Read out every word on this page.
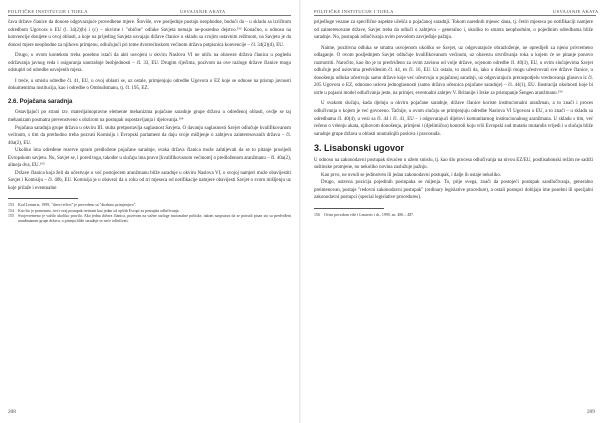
POLITIČKE INSTITUCIJE I TIJELA	USVAJANJE AKATA

čava države članice da donose odgovarajuće provedbene mjere. Štoviše, ove posljednje postaju neophodne, budući da – u skladu sa izričitom odredbom Ugovora o EU (l. 34(2)(b) i (c) – okvirne i "obične" odluke Savjeta nemaju ne-posredno dejstvo.¹⁵³ Konačno, u odnosu na konvencije donijete u ovoj oblasti, a koje na prijedlog Savjeta usvajaju države članice u skladu sa svojim ustavnim režimom, na Savjetu je da donosi mjere neophodne za njihovu primjenu, odlučujući pri tome dvotrećinskom većinom država potpisnica konvencije – čl. 34(2)(d), EU.

Drugo, u ovom kontekstu treba posebno istaći da akti usvojeni u okviru Naslova VI ne utiču na obaveze država članica u pogledu održavanja javnog reda i osiguranja unutrašnje bezbjednosti – čl. 33, EU. Drugim riječima, pozivom na ove razloge države članice mogu odstupiti od odredbe usvojenih mjera.

I treće, u smislu odredbe čl. 41, EU, u ovoj oblasti se, uz ostale, primjenjuju odredbe Ugovora o EZ koje se odnose na pristup javnosti dokumentima institucija, kao i odredbe o Ombudsmanu, tj. čl. 195, EZ.

2.6. Pojačana saradnja

Ostavljajući po strani tzv. materijalnopravne elemente mehanizma pojačane saradnje grupe država u određenoj oblasti, ovdje se taj mehanizam posmatra prevenstveno s obzirom na postupak uspostavljanja i djelovanja.¹⁵⁴

Pojačana saradnja grupe država u okviru III. stuba pretpostavlja saglasnost Savjeta. O davanju saglasnosti Savjet odlučuje kvalifikovanom većinom, s tim da prethodno treba pozvati Komisiju i Evropski parlament da daju svoje mišljenje o zahtjevu zainteresovanih država – čl. 40a(2), EU.

Ukoliko ima određene rezerve spram predložene pojačane saradnje, svaka država članica može zahtijevati da se to pitanje prosljedi Evropskom savjetu. Nu, Savjet se, i pored toga, također u slučaju ima pravo [kvalifikovanom većinom] o predloženom aranžmanu – čl. 40a(2), alineja dva, EU.¹⁵⁵

Države članica koja želi da učestvuje u već postojećem aranžmanu bliže saradnje u okviru Naslova VI, o svojoj namjeri može obavijestiti Savjet i Komisiju – čl. 40b, EU. Komisija je u obavezi da u roku od tri mjeseca od notifikacije namjere obavijesti Savjet o svom mišljenju uz koje prilaže i eventualne

153	Kod Lenaerts, 1999, "direct effect" je prevedeno sa "direktno primjenjivo".
154	Kao što je pomenuto, treći ovaj postupak tretirani kao jedan od opštih Evropi za postupka odlučivanja.
155	Svojevremeno je važilo ukoliko pravilo. Ako jedna država članica, pozivom na važne razloge nacionalne politike, takom saopstava da se potrudi pisan sto sa predviđeni aranžmanom grupe država, o pitanju bliže saradnje se neće odlučivati.
208
POLITIČKE INSTITUCIJE I TIJELA	USVAJANJE AKATA

prijedloge vezane za specifične aspekte učešća u pojačanoj saradnji. Tokom narednih mjesec dana, tj. četiri mjeseca po notifikaciji namjere od zainteresovane države, Savjet treba da odluči o zahtjevu – generalno i, ukoliko to smatra neophodnim, o pojedinim odredbama bliže saradnje. No, postupak odlučivanja ovim povodom zavrjeđuje pažnju.

Naime, pozitivna odluka se smatra usvojenom ukoliko se Savjet, uz odgovarajuće obrazloženje, ne opredijeli za njeno privremeno odlaganje. O ovom posljednjem Savjet odlučuje kvalifikovanom većinom, uz obavezu utvrđivanja roka u kojem će se pitanje ponovo razmotriti. Naročito, kao što je to predviđeno za ovim zavisno od volje države, ocjenom odredbe čl. 40(3), EU, u ovim slučajevima Savjet odlučuje pod uslovima predviđenim čl. 44, ex čl. 16, EU. Uz ostalo, to znači da, iako u diskusiji mogu učestvovati sve države članice, u donošenju odluka učestvuju samo države koje već učestvuju u pojačanoj saradnji, uz odgovarajuću preraspodjelu vrednovanja glasova iz čl. 205 Ugovora o EZ, odnosno uslova jednoglasnosti (samo država učesnica pojačane saradnje) – čl. 44(1), EU. Ilustracija okolnosti koje bi utrle u pojasni model odlučivanja jeste, na primjer, eventualni zahtjev V. Britanije i Irske za pristupanje Šengen aranžmanu.¹⁵⁶

U svakom slučaju, kada djeluju u okviru pojačane saradnje, države članice koriste institucionalni aranžman, a to znači i proces odlučivanja o kojem je već govoreno. Tačnije, u ovom slučaju se primjenjuju odredbe Naslova VI Ugovora o EU, a to znači – u skladu sa odredbama čl. 40(4), u vezi sa čl. 44 i čl. 41, EU – i odgovarajući dijelovi komunitarnog institucionalnog aranžmana. U skladu s tim, već rečeno o vršenju akata, njihovom donošenju, primjeni i (djelimično) kontroli koju vrši Evropski sud mutatis mutandis vrijedi i u slučaju bliže saradnje grupe država u oblasti unutrašnjih poslova i pravosuđa.

3. Lisabonski ugovor

U odnosu na zakonodavni postupak shvaćen u užem smislu, tj. kao dio procesa odlučivanja na nivou EZ/EU, postlisabonski režim ne sadrži suštinske promjene, no nekoliko novina zaslužuje pažnju.

Kao prvo, ne uvodi se jedinstven ili jedan zakonodavni postupak, i dalje ih ostaje nekoliko.

Drugo, ustavna pozicija pojedinih postupaka se mijenja. To, prije svega, znači da postojeći postupak saodlučivanja, generalno preimenovan, postaje "redovni zakonodavni postupak" (ordinary legislative procedure), a ostali postupci dobijaju ime posebni ili specijalni zakonodavni postupci (special legislative procedures).

156	Ovim povodom više i Lenaerts i dr., 1999, str. 486 – 487.
209
